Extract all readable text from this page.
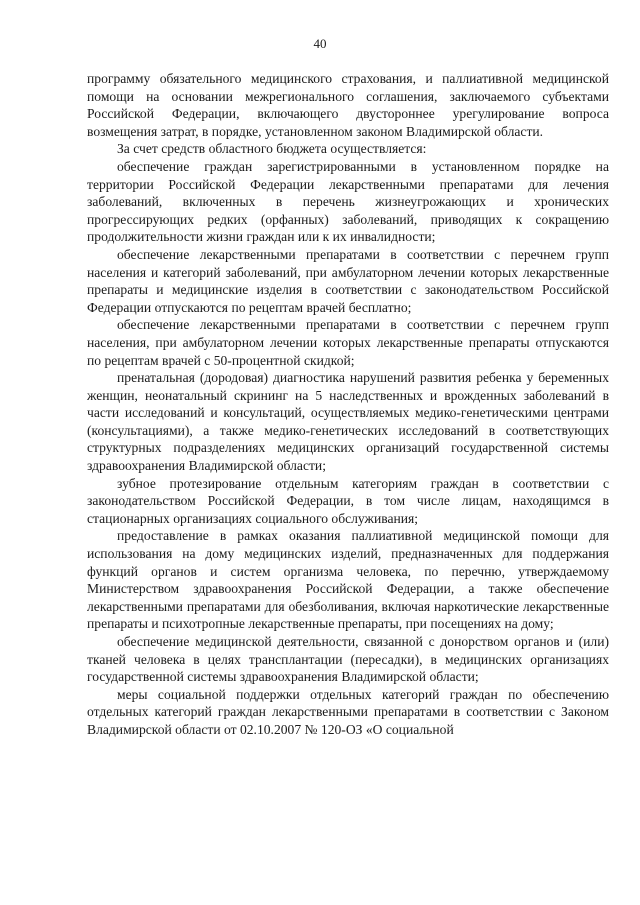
40

программу обязательного медицинского страхования, и паллиативной медицинской помощи на основании межрегионального соглашения, заключаемого субъектами Российской Федерации, включающего двустороннее урегулирование вопроса возмещения затрат, в порядке, установленном законом Владимирской области.

За счет средств областного бюджета осуществляется:

обеспечение граждан зарегистрированными в установленном порядке на территории Российской Федерации лекарственными препаратами для лечения заболеваний, включенных в перечень жизнеугрожающих и хронических прогрессирующих редких (орфанных) заболеваний, приводящих к сокращению продолжительности жизни граждан или к их инвалидности;

обеспечение лекарственными препаратами в соответствии с перечнем групп населения и категорий заболеваний, при амбулаторном лечении которых лекарственные препараты и медицинские изделия в соответствии с законодательством Российской Федерации отпускаются по рецептам врачей бесплатно;

обеспечение лекарственными препаратами в соответствии с перечнем групп населения, при амбулаторном лечении которых лекарственные препараты отпускаются по рецептам врачей с 50-процентной скидкой;

пренатальная (дородовая) диагностика нарушений развития ребенка у беременных женщин, неонатальный скрининг на 5 наследственных и врожденных заболеваний в части исследований и консультаций, осуществляемых медико-генетическими центрами (консультациями), а также медико-генетических исследований в соответствующих структурных подразделениях медицинских организаций государственной системы здравоохранения Владимирской области;

зубное протезирование отдельным категориям граждан в соответствии с законодательством Российской Федерации, в том числе лицам, находящимся в стационарных организациях социального обслуживания;

предоставление в рамках оказания паллиативной медицинской помощи для использования на дому медицинских изделий, предназначенных для поддержания функций органов и систем организма человека, по перечню, утверждаемому Министерством здравоохранения Российской Федерации, а также обеспечение лекарственными препаратами для обезболивания, включая наркотические лекарственные препараты и психотропные лекарственные препараты, при посещениях на дому;

обеспечение медицинской деятельности, связанной с донорством органов и (или) тканей человека в целях трансплантации (пересадки), в медицинских организациях государственной системы здравоохранения Владимирской области;

меры социальной поддержки отдельных категорий граждан по обеспечению отдельных категорий граждан лекарственными препаратами в соответствии с Законом Владимирской области от 02.10.2007 № 120-ОЗ «О социальной
